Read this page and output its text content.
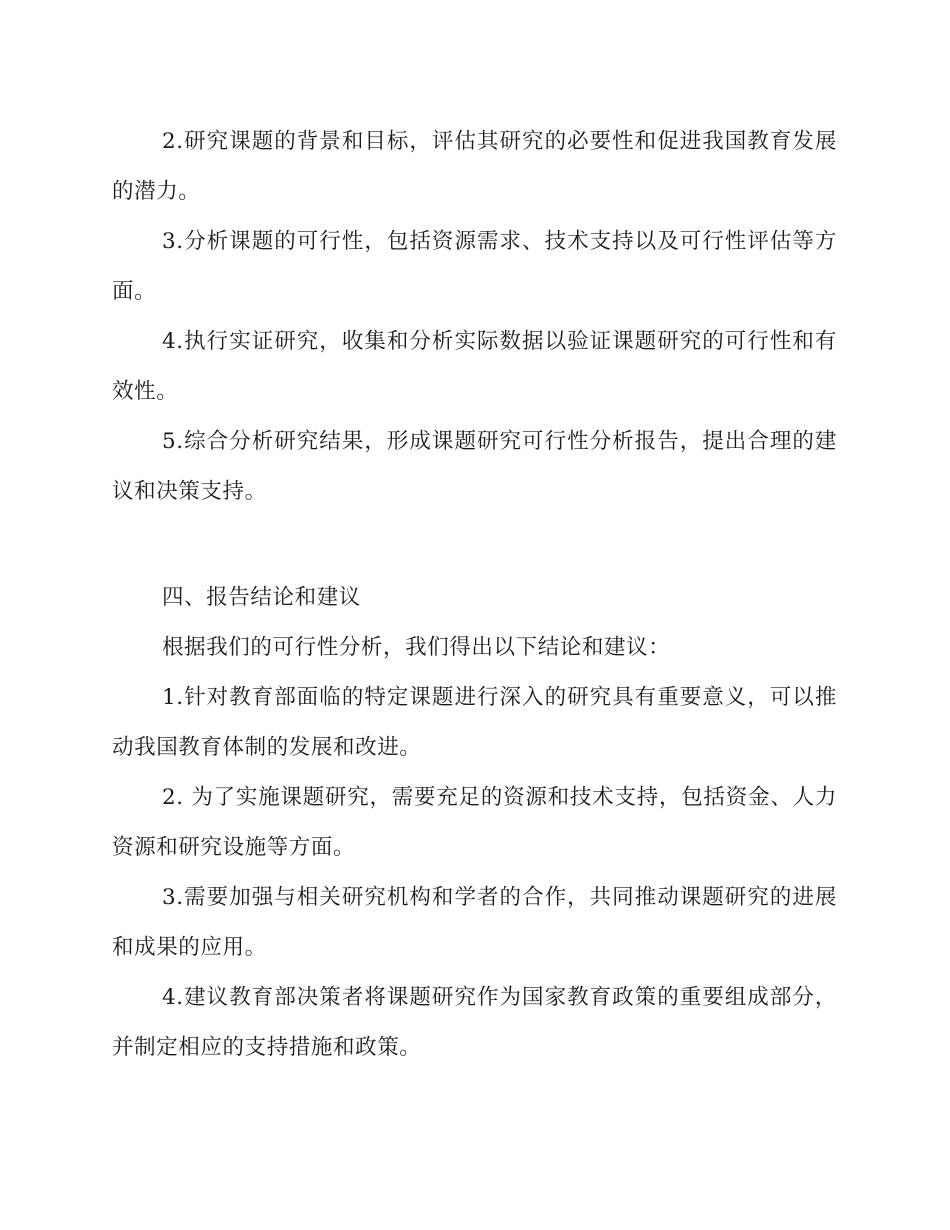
2.研究课题的背景和目标，评估其研究的必要性和促进我国教育发展的潜力。

3.分析课题的可行性，包括资源需求、技术支持以及可行性评估等方面。

4.执行实证研究，收集和分析实际数据以验证课题研究的可行性和有效性。

5.综合分析研究结果，形成课题研究可行性分析报告，提出合理的建议和决策支持。

四、报告结论和建议

根据我们的可行性分析，我们得出以下结论和建议：

1.针对教育部面临的特定课题进行深入的研究具有重要意义，可以推动我国教育体制的发展和改进。

2. 为了实施课题研究，需要充足的资源和技术支持，包括资金、人力资源和研究设施等方面。

3.需要加强与相关研究机构和学者的合作，共同推动课题研究的进展和成果的应用。

4.建议教育部决策者将课题研究作为国家教育政策的重要组成部分，并制定相应的支持措施和政策。
